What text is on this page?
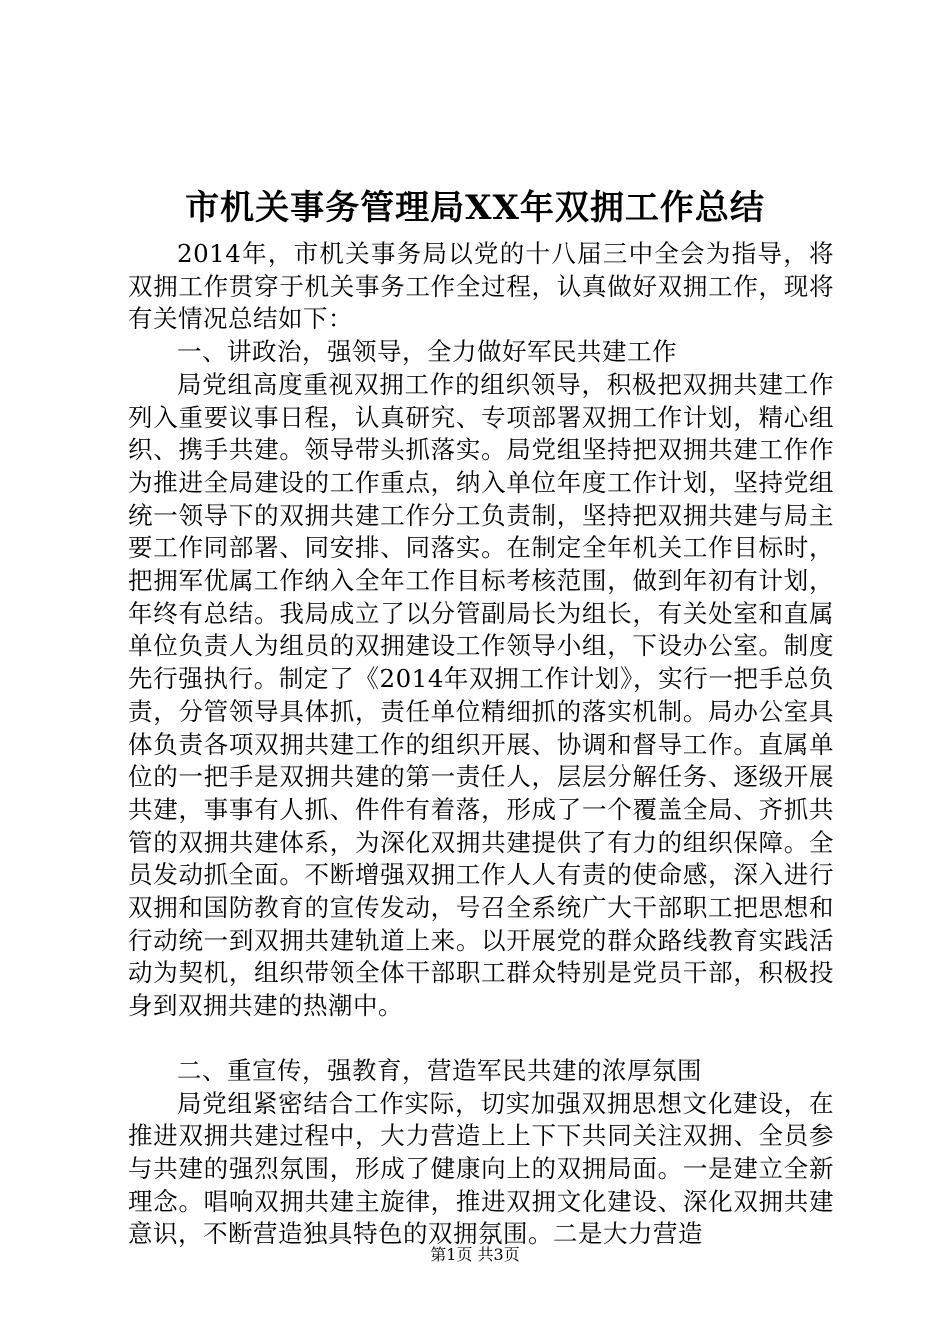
市机关事务管理局XX年双拥工作总结

2014年，市机关事务局以党的十八届三中全会为指导，将双拥工作贯穿于机关事务工作全过程，认真做好双拥工作，现将有关情况总结如下：

一、讲政治，强领导，全力做好军民共建工作

局党组高度重视双拥工作的组织领导，积极把双拥共建工作列入重要议事日程，认真研究、专项部署双拥工作计划，精心组织、携手共建。领导带头抓落实。局党组坚持把双拥共建工作作为推进全局建设的工作重点，纳入单位年度工作计划，坚持党组统一领导下的双拥共建工作分工负责制，坚持把双拥共建与局主要工作同部署、同安排、同落实。在制定全年机关工作目标时，把拥军优属工作纳入全年工作目标考核范围，做到年初有计划，年终有总结。我局成立了以分管副局长为组长，有关处室和直属单位负责人为组员的双拥建设工作领导小组，下设办公室。制度先行强执行。制定了《2014年双拥工作计划》，实行一把手总负责，分管领导具体抓，责任单位精细抓的落实机制。局办公室具体负责各项双拥共建工作的组织开展、协调和督导工作。直属单位的一把手是双拥共建的第一责任人，层层分解任务、逐级开展共建，事事有人抓、件件有着落，形成了一个覆盖全局、齐抓共管的双拥共建体系，为深化双拥共建提供了有力的组织保障。全员发动抓全面。不断增强双拥工作人人有责的使命感，深入进行双拥和国防教育的宣传发动，号召全系统广大干部职工把思想和行动统一到双拥共建轨道上来。以开展党的群众路线教育实践活动为契机，组织带领全体干部职工群众特别是党员干部，积极投身到双拥共建的热潮中。

二、重宣传，强教育，营造军民共建的浓厚氛围

局党组紧密结合工作实际，切实加强双拥思想文化建设，在推进双拥共建过程中，大力营造上上下下共同关注双拥、全员参与共建的强烈氛围，形成了健康向上的双拥局面。一是建立全新理念。唱响双拥共建主旋律，推进双拥文化建设、深化双拥共建意识，不断营造独具特色的双拥氛围。二是大力营造

第1页 共3页
